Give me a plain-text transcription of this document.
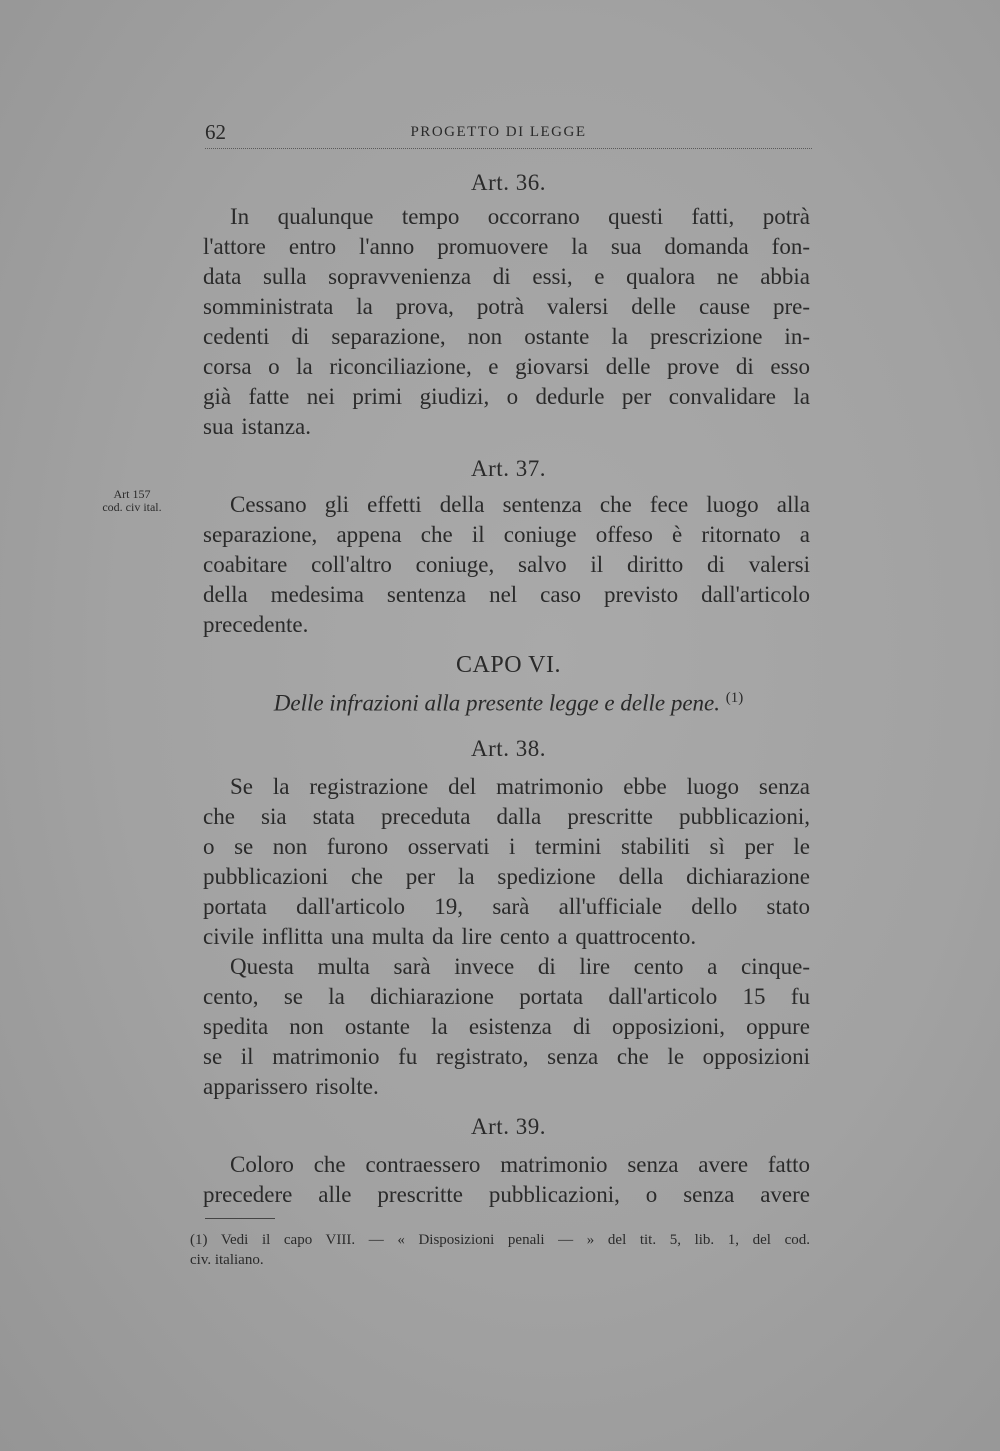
62	PROGETTO DI LEGGE
Art. 36.
In qualunque tempo occorrano questi fatti, potrà
l'attore entro l'anno promuovere la sua domanda fon-
data sulla sopravvenienza di essi, e qualora ne abbia
somministrata la prova, potrà valersi delle cause pre-
cedenti di separazione, non ostante la prescrizione in-
corsa o la riconciliazione, e giovarsi delle prove di esso
già fatte nei primi giudizi, o dedurle per convalidare la
sua istanza.
Art. 37.
Art 157
cod. civ ital.	Cessano gli effetti della sentenza che fece luogo alla
separazione, appena che il coniuge offeso è ritornato a
coabitare coll'altro coniuge, salvo il diritto di valersi
della medesima sentenza nel caso previsto dall'articolo
precedente.
CAPO VI.
Delle infrazioni alla presente legge e delle pene. $^{(1)}$
Art. 38.
Se la registrazione del matrimonio ebbe luogo senza
che sia stata preceduta dalla prescritte pubblicazioni,
o se non furono osservati i termini stabiliti sì per le
pubblicazioni che per la spedizione della dichiarazione
portata dall'articolo 19, sarà all'ufficiale dello stato
civile inflitta una multa da lire cento a quattrocento.
Questa multa sarà invece di lire cento a cinque-
cento, se la dichiarazione portata dall'articolo 15 fu
spedita non ostante la esistenza di opposizioni, oppure
se il matrimonio fu registrato, senza che le opposizioni
apparissero risolte.
Art. 39.
Coloro che contraessero matrimonio senza avere fatto
precedere alle prescritte pubblicazioni, o senza avere
(1) Vedi il capo VIII. — « Disposizioni penali — » del tit. 5, lib. 1, del cod.
civ. italiano.
